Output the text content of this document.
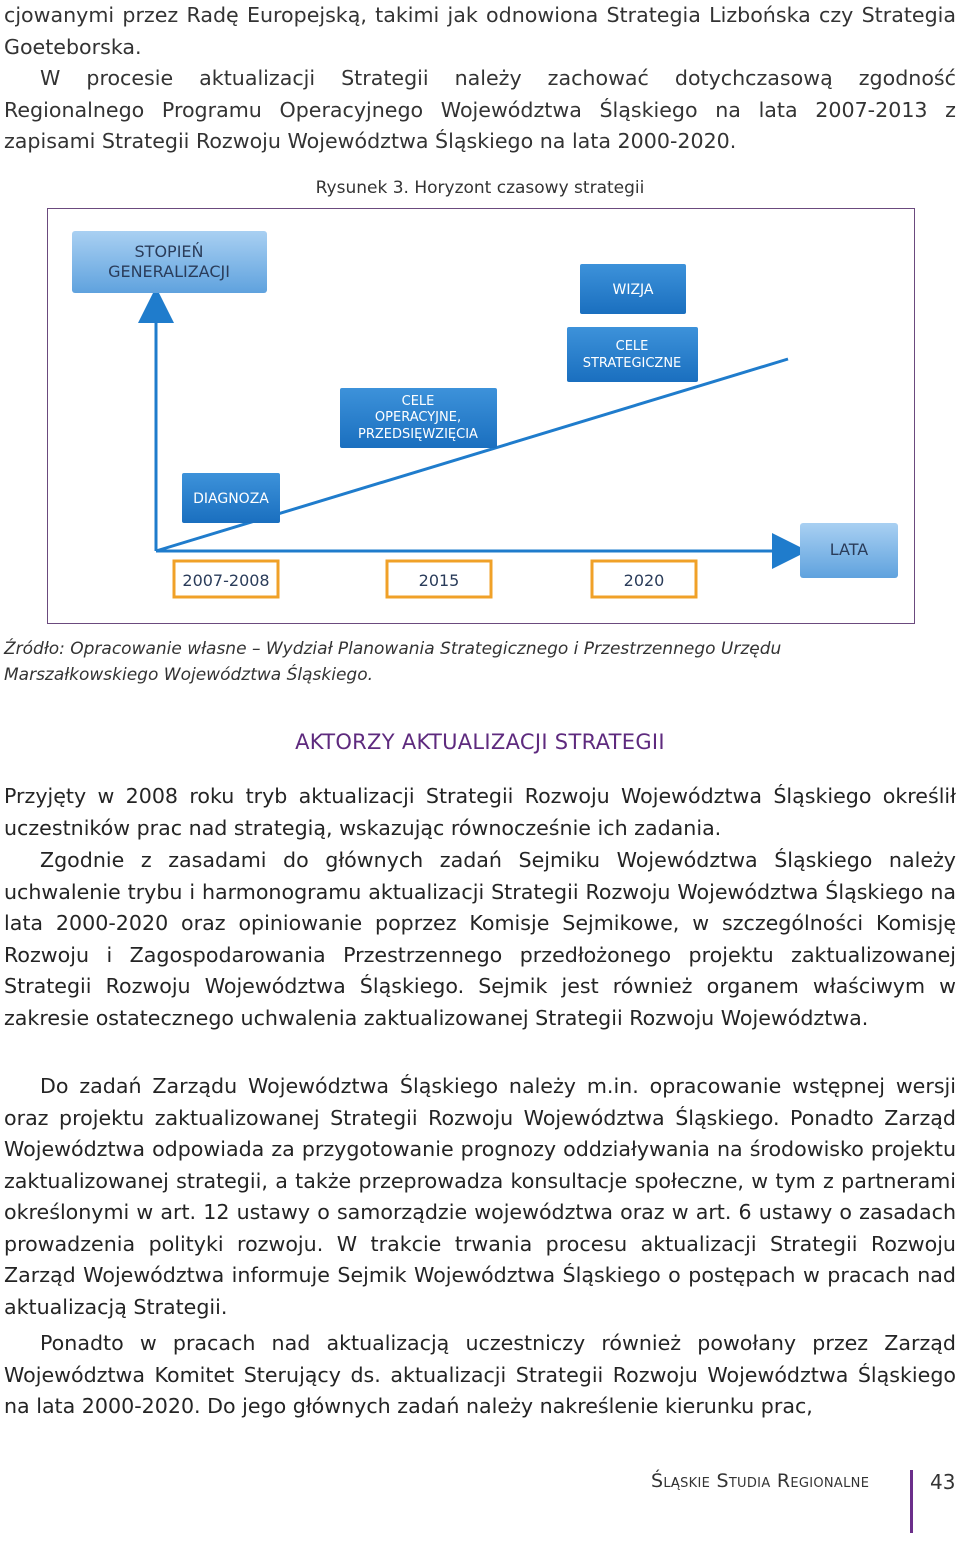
cjowanymi przez Radę Europejską, takimi jak odnowiona Strategia Lizbońska czy Strategia Goeteborska.
W procesie aktualizacji Strategii należy zachować dotychczasową zgodność Regionalnego Programu Operacyjnego Województwa Śląskiego na lata 2007-2013 z zapisami Strategii Rozwoju Województwa Śląskiego na lata 2000-2020.

Rysunek 3. Horyzont czasowy strategii
STOPIEŃ
GENERALIZACJI
DIAGNOZA
CELE
OPERACYJNE,
PRZEDSIĘWZIĘCIA
CELE
STRATEGICZNE
WIZJA
LATA
2007-2008	2015	2020
Źródło: Opracowanie własne – Wydział Planowania Strategicznego i Przestrzennego Urzędu Marszałkowskiego Województwa Śląskiego.
AKTORZY AKTUALIZACJI STRATEGII

Przyjęty w 2008 roku tryb aktualizacji Strategii Rozwoju Województwa Śląskiego określił uczestników prac nad strategią, wskazując równocześnie ich zadania.

Zgodnie z zasadami do głównych zadań Sejmiku Województwa Śląskiego należy uchwalenie trybu i harmonogramu aktualizacji Strategii Rozwoju Województwa Śląskiego na lata 2000-2020 oraz opiniowanie poprzez Komisje Sejmikowe, w szczególności Komisję Rozwoju i Zagospodarowania Przestrzennego przedłożonego projektu zaktualizowanej Strategii Rozwoju Województwa Śląskiego. Sejmik jest również organem właściwym w zakresie ostatecznego uchwalenia zaktualizowanej Strategii Rozwoju Województwa.

Do zadań Zarządu Województwa Śląskiego należy m.in. opracowanie wstępnej wersji oraz projektu zaktualizowanej Strategii Rozwoju Województwa Śląskiego. Ponadto Zarząd Województwa odpowiada za przygotowanie prognozy oddziaływania na środowisko projektu zaktualizowanej strategii, a także przeprowadza konsultacje społeczne, w tym z partnerami określonymi w art. 12 ustawy o samorządzie województwa oraz w art. 6 ustawy o zasadach prowadzenia polityki rozwoju. W trakcie trwania procesu aktualizacji Strategii Rozwoju Zarząd Województwa informuje Sejmik Województwa Śląskiego o postępach w pracach nad aktualizacją Strategii.

Ponadto w pracach nad aktualizacją uczestniczy również powołany przez Zarząd Województwa Komitet Sterujący ds. aktualizacji Strategii Rozwoju Województwa Śląskiego na lata 2000-2020. Do jego głównych zadań należy nakreślenie kierunku prac,

Śląskie Studia Regionalne	43
